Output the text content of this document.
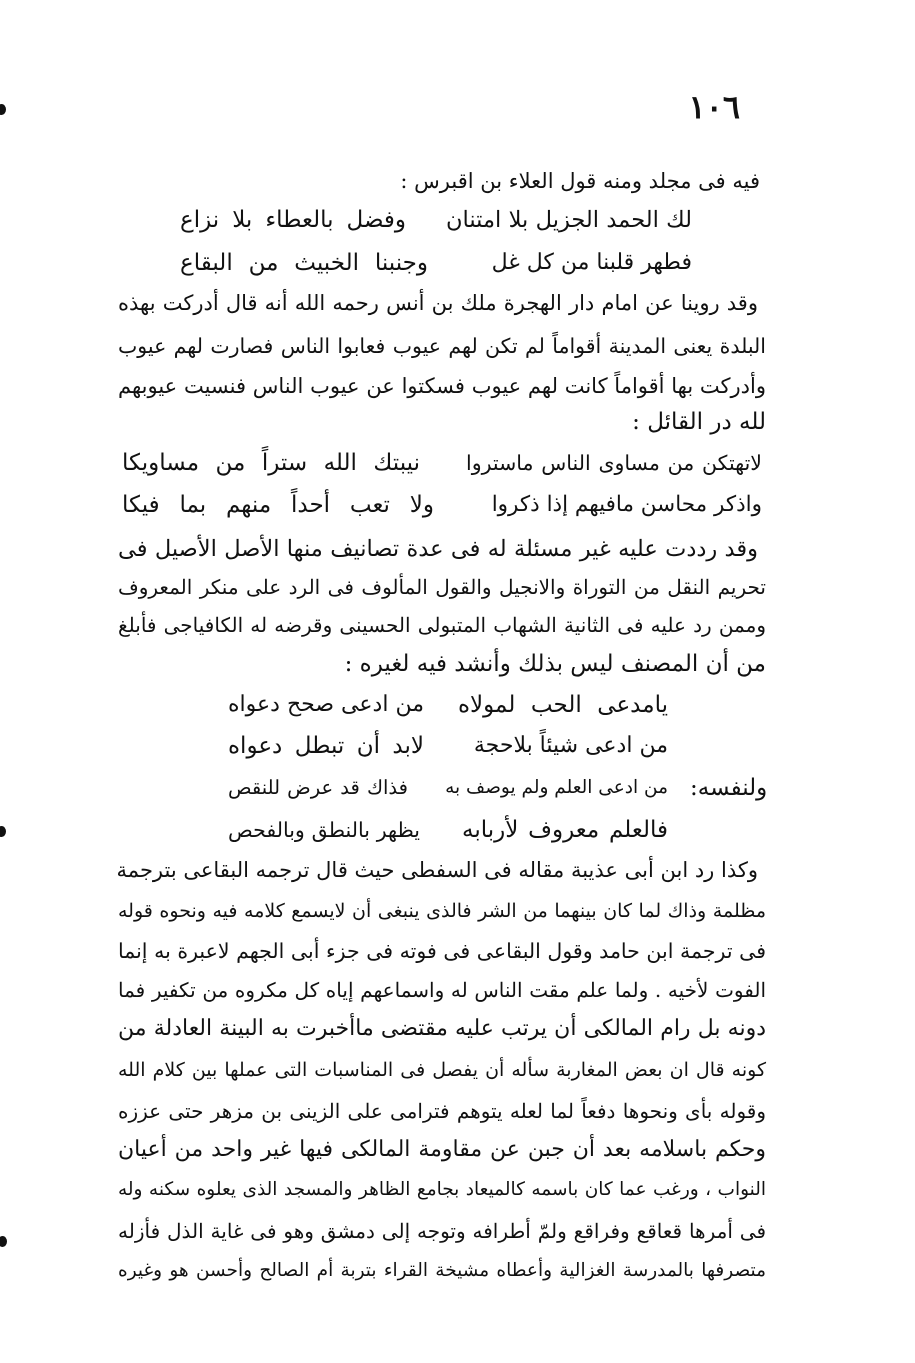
١٠٦
فيه فى مجلد ومنه قول العلاء بن اقبرس :
لك الحمد الجزيل بلا امتنان
وفضل بالعطاء بلا نزاع
فطهر قلبنا من كل غل
وجنبنا الخبيث من البقاع
وقد روينا عن امام دار الهجرة ملك بن أنس رحمه الله أنه قال أدركت بهذه
البلدة يعنى المدينة أقواماً لم تكن لهم عيوب فعابوا الناس فصارت لهم عيوب
وأدركت بها أقواماً كانت لهم عيوب فسكتوا عن عيوب الناس فنسيت عيوبهم
لله در القائل :
لاتهتكن من مساوى الناس ماستروا
نيبتك الله ستراً من مساويكا
واذكر محاسن مافيهم إذا ذكروا
ولا تعب أحداً منهم بما فيكا
وقد رددت عليه غير مسئلة له فى عدة تصانيف منها الأصل الأصيل فى
تحريم النقل من التوراة والانجيل والقول المألوف فى الرد على منكر المعروف
وممن رد عليه فى الثانية الشهاب المتبولى الحسينى وقرضه له الكافياجى فأبلغ
من أن المصنف ليس بذلك وأنشد فيه لغيره :
يامدعى الحب لمولاه
من ادعى صحح دعواه
من ادعى شيئاً بلاحجة
لابد أن تبطل دعواه
ولنفسه:
من ادعى العلم ولم يوصف به
فذاك قد عرض للنقص
فالعلم معروف لأربابه
يظهر بالنطق وبالفحص
وكذا رد ابن أبى عذيبة مقاله فى السفطى حيث قال ترجمه البقاعى بترجمة
مظلمة وذاك لما كان بينهما من الشر فالذى ينبغى أن لايسمع كلامه فيه ونحوه قوله
فى ترجمة ابن حامد وقول البقاعى فى فوته فى جزء أبى الجهم لاعبرة به إنما
الفوت لأخيه . ولما علم مقت الناس له واسماعهم إياه كل مكروه من تكفير فما
دونه بل رام المالكى أن يرتب عليه مقتضى ماأخبرت به البينة العادلة من
كونه قال ان بعض المغاربة سأله أن يفصل فى المناسبات التى عملها بين كلام الله
وقوله بأى ونحوها دفعاً لما لعله يتوهم فترامى على الزينى بن مزهر حتى عززه
وحكم باسلامه بعد أن جبن عن مقاومة المالكى فيها غير واحد من أعيان
النواب ، ورغب عما كان باسمه كالميعاد بجامع الظاهر والمسجد الذى يعلوه سكنه وله
فى أمرها قعاقع وفراقع ولمّ أطرافه وتوجه إلى دمشق وهو فى غاية الذل فأزله
متصرفها بالمدرسة الغزالية وأعطاه مشيخة القراء بتربة أم الصالح وأحسن هو وغيره
